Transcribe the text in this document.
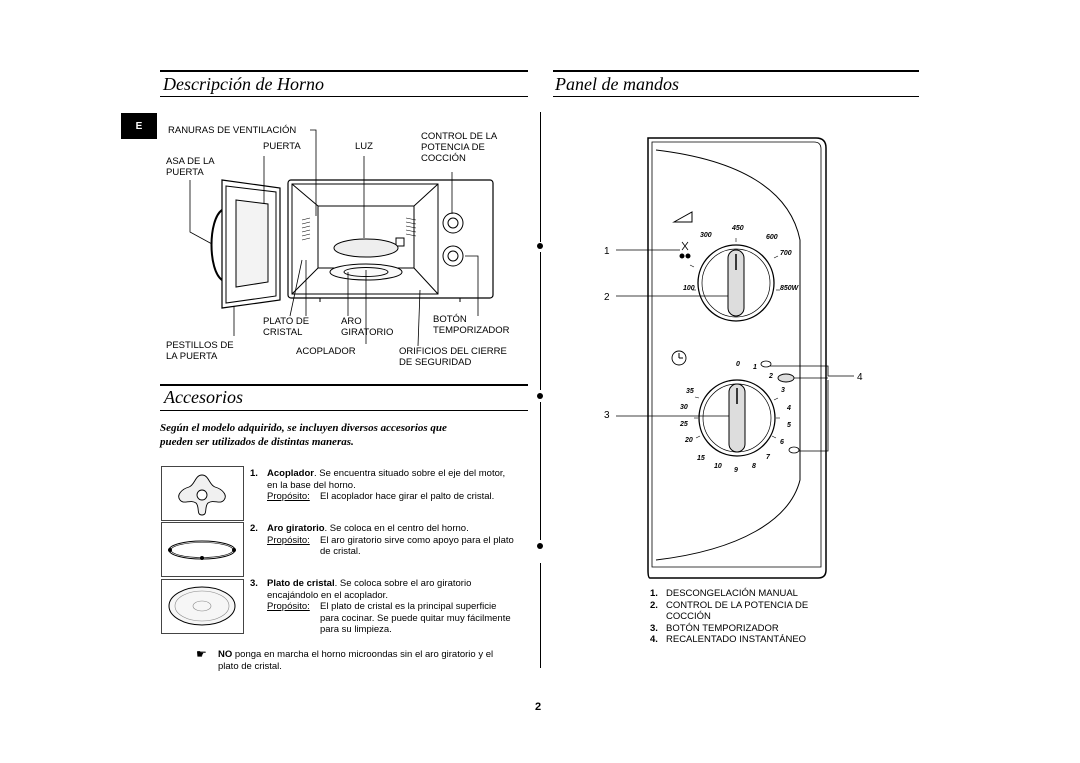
E
Descripción de Horno	Panel de mandos
RANURAS DE VENTILACIÓN
PUERTA	LUZ
CONTROL DE LA
POTENCIA DE
COCCIÓN
ASA DE LA
PUERTA
PLATO DE
CRISTAL
ARO
GIRATORIO
BOTÓN
TEMPORIZADOR
PESTILLOS DE
LA PUERTA	ACOPLADOR	ORIFICIOS DEL CIERRE
DE SEGURIDAD
Accesorios
Según el modelo adquirido, se incluyen diversos accesorios que
pueden ser utilizados de distintas maneras.
1. Acoplador. Se encuentra situado sobre el eje del motor,
en la base del horno.
Propósito:	El acoplador hace girar el palto de cristal.
2. Aro giratorio. Se coloca en el centro del horno.
Propósito:	El aro giratorio sirve como apoyo para el plato
de cristal.
3. Plato de cristal. Se coloca sobre el aro giratorio
encajándolo en el acoplador.
Propósito:	El plato de cristal es la principal superficie
para cocinar. Se puede quitar muy fácilmente
para su limpieza.
☛	NO ponga en marcha el horno microondas sin el aro giratorio y el
plato de cristal.
450
300	600
700
100	850W
0 1
2
3
4
5
6
7
8
9
10
15
20
25
30
35
1
2
3
4
1. DESCONGELACIÓN MANUAL
2. CONTROL DE LA POTENCIA DE
COCCIÓN
3. BOTÓN TEMPORIZADOR
4. RECALENTADO INSTANTÁNEO
2
